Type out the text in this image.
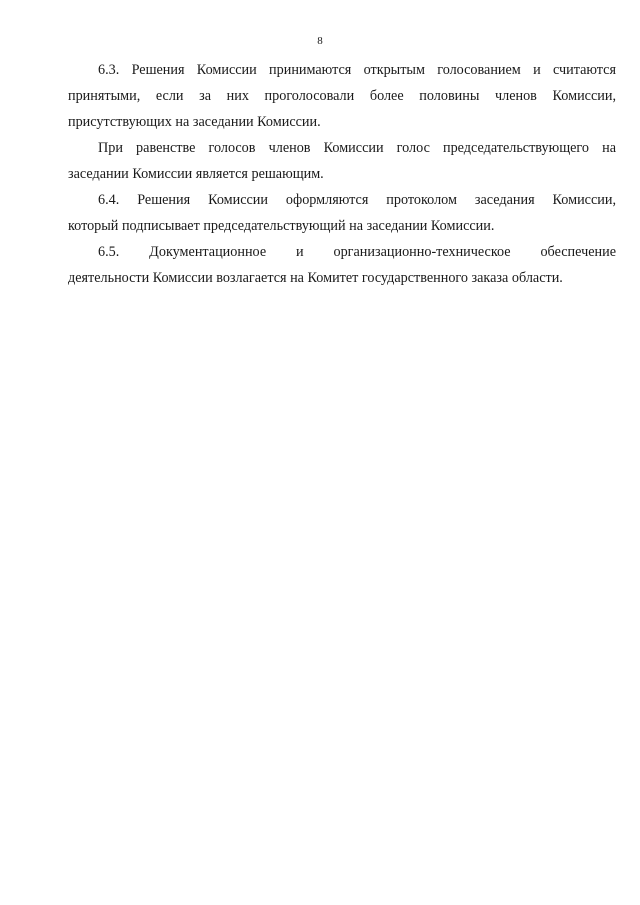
8
6.3. Решения Комиссии принимаются открытым голосованием и считаются
принятыми, если за них проголосовали более половины членов Комиссии,
присутствующих на заседании Комиссии.
При равенстве голосов членов Комиссии голос председательствующего на
заседании Комиссии является решающим.
6.4. Решения Комиссии оформляются протоколом заседания Комиссии,
который подписывает председательствующий на заседании Комиссии.
6.5. Документационное и организационно-техническое обеспечение
деятельности Комиссии возлагается на Комитет государственного заказа области.
